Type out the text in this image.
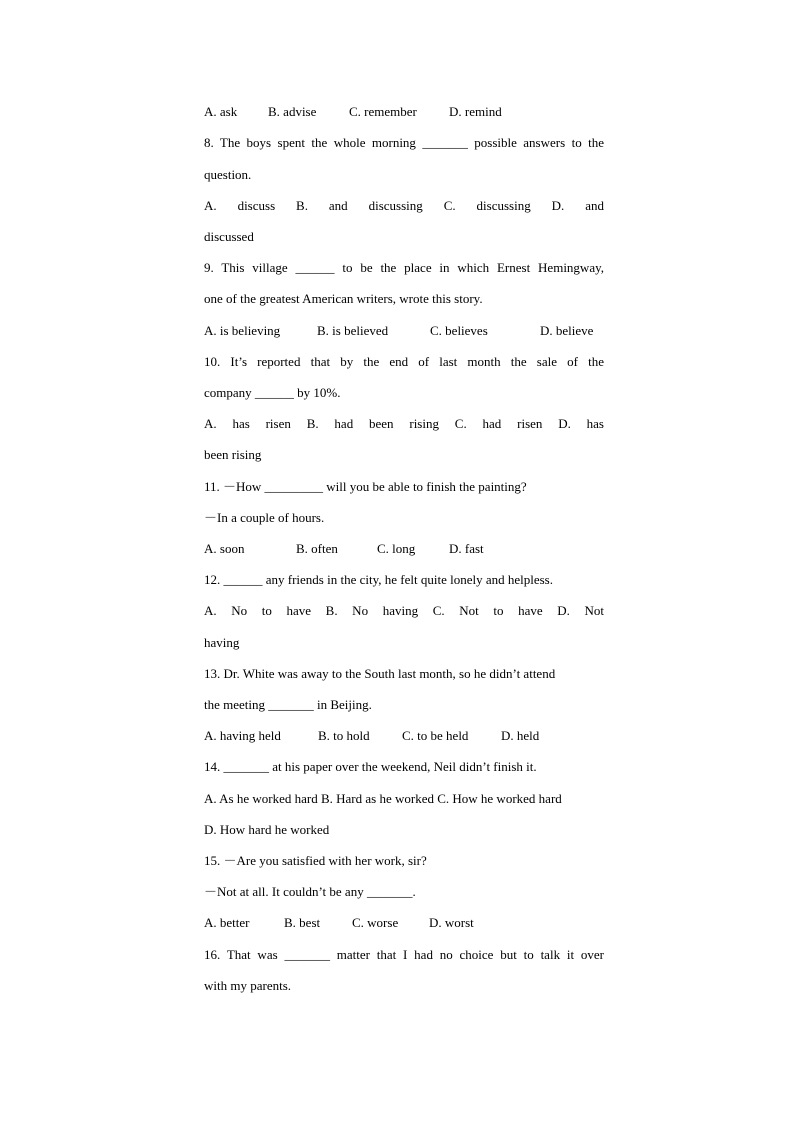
A. ask	B. advise	C. remember	D. remind
8. The boys spent the whole morning _______ possible answers to the
question.
A. discuss B. and discussing C. discussing D. and
discussed
9. This village ______ to be the place in which Ernest Hemingway,
one of the greatest American writers, wrote this story.
A. is believing	B. is believed	C. believes	D. believe
10. It’s reported that by the end of last month the sale of the
company ______ by 10%.
A. has risen B. had been rising C. had risen D. has
been rising
11. －How _________ will you be able to finish the painting?
－In a couple of hours.
A. soon	B. often	C. long	D. fast
12. ______ any friends in the city, he felt quite lonely and helpless.
A. No to have B. No having C. Not to have D. Not
having
13. Dr. White was away to the South last month, so he didn’t attend
the meeting _______ in Beijing.
A. having held	B. to hold	C. to be held	D. held
14. _______ at his paper over the weekend, Neil didn’t finish it.
A. As he worked hard B. Hard as he worked C. How he worked hard
D. How hard he worked
15. －Are you satisfied with her work, sir?
－Not at all. It couldn’t be any _______.
A. better	B. best	C. worse	D. worst
16. That was _______ matter that I had no choice but to talk it over
with my parents.
